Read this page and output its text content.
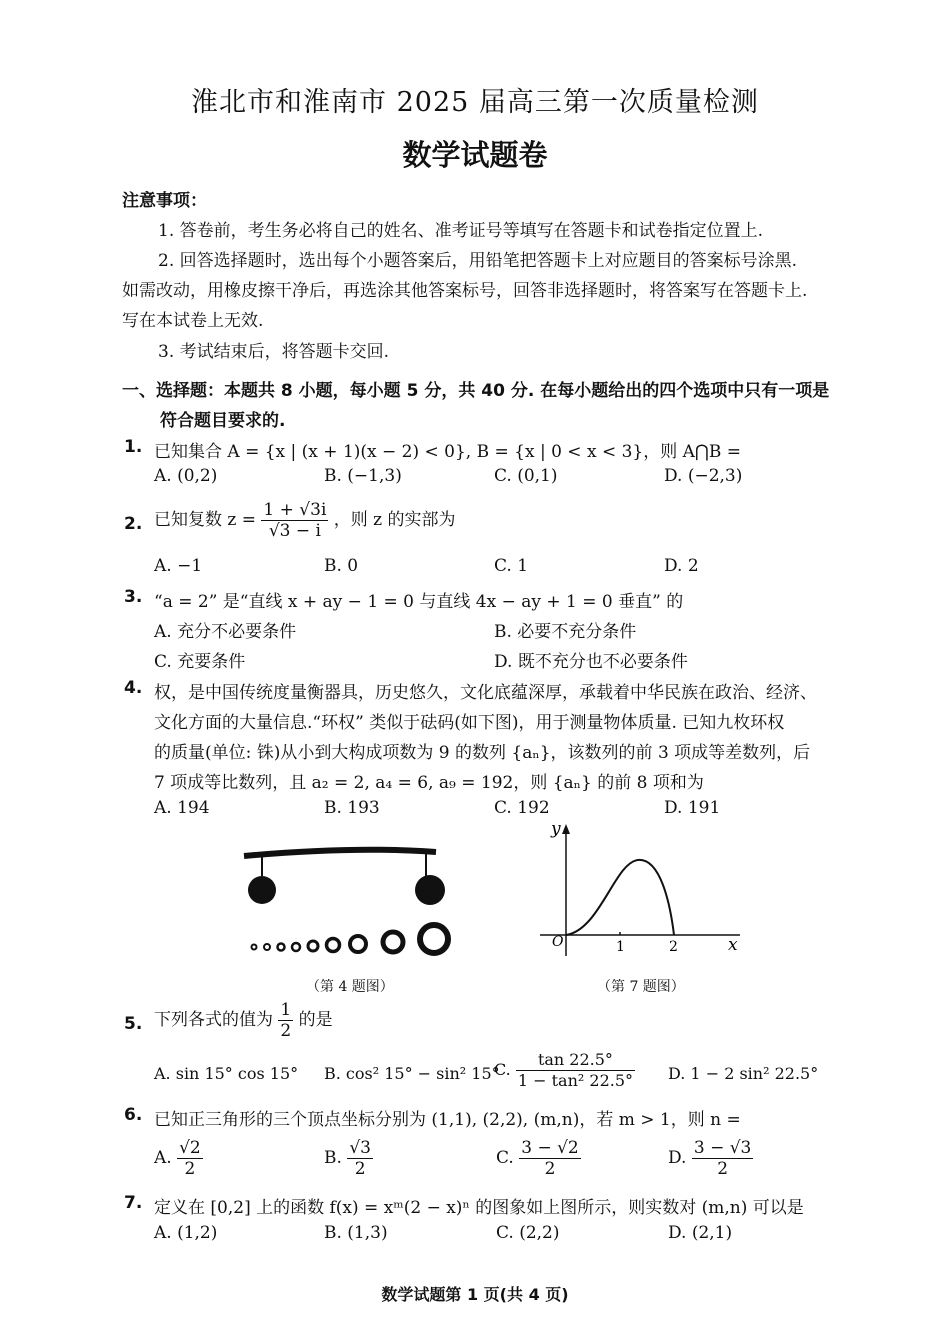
淮北市和淮南市 2025 届高三第一次质量检测
数学试题卷
注意事项：
1. 答卷前，考生务必将自己的姓名、准考证号等填写在答题卡和试卷指定位置上.
2. 回答选择题时，选出每个小题答案后，用铅笔把答题卡上对应题目的答案标号涂黑.
如需改动，用橡皮擦干净后，再选涂其他答案标号，回答非选择题时，将答案写在答题卡上.
写在本试卷上无效.
3. 考试结束后，将答题卡交回.
一、选择题：本题共 8 小题，每小题 5 分，共 40 分. 在每小题给出的四个选项中只有一项是
符合题目要求的.
1. 已知集合 A = {x | (x + 1)(x − 2) < 0}, B = {x | 0 < x < 3}，则 A⋂B =
A. (0,2)	B. (−1,3)	C. (0,1)	D. (−2,3)
2. 已知复数 $z = \frac{1 + √3i}{√3 - i}$ ，则 z 的实部为
A. −1	B. 0	C. 1	D. 2
3. “a = 2” 是“直线 x + ay − 1 = 0 与直线 4x − ay + 1 = 0 垂直” 的
A. 充分不必要条件	B. 必要不充分条件
C. 充要条件	D. 既不充分也不必要条件
4. 权，是中国传统度量衡器具，历史悠久，文化底蕴深厚，承载着中华民族在政治、经济、
文化方面的大量信息.“环权” 类似于砝码(如下图)，用于测量物体质量. 已知九枚环权
的质量(单位: 铢)从小到大构成项数为 9 的数列 {aₙ}，该数列的前 3 项成等差数列，后
7 项成等比数列，且 a₂ = 2, a₄ = 6, a₉ = 192，则 {aₙ} 的前 8 项和为
A. 194	B. 193	C. 192	D. 191
（第 4 题图）
y
O	1	2	x
（第 7 题图）
5. 下列各式的值为 $\frac{1}{2}$ 的是
A. sin 15° cos 15° B. cos² 15° − sin² 15°
C. $\frac{\tan 22.5^\circ}{\text{1 − tan² 22.5°}} D$. 1 − 2 sin² 22.5°
6. 已知正三角形的三个顶点坐标分别为 (1,1), (2,2), (m,n)，若 m > 1，则 n =
A. $\frac{√2}{2}$	B. $\frac{√3}{2}$	C. $\frac{3 - √2}{2}$	D. $\frac{3 - √3}{2}$
7. 定义在 [0,2] 上的函数 f(x) = xᵐ(2 − x)ⁿ 的图象如上图所示，则实数对 (m,n) 可以是
A. (1,2)	B. (1,3)	C. (2,2)	D. (2,1)
数学试题第 1 页(共 4 页)
